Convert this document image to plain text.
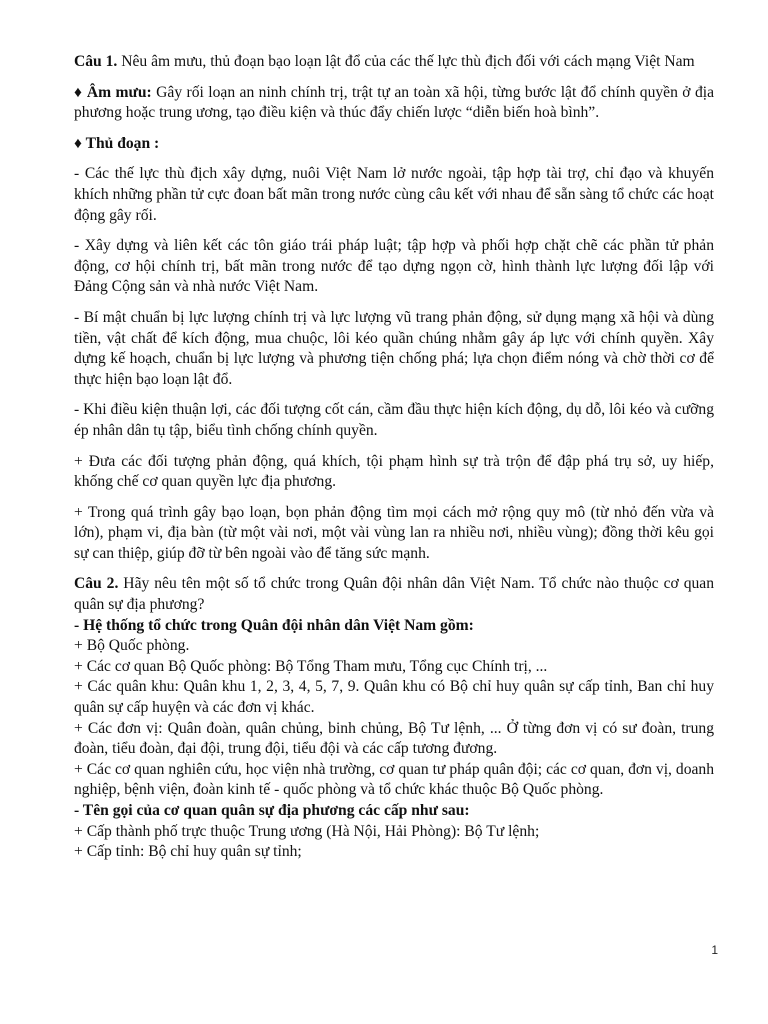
Câu 1. Nêu âm mưu, thủ đoạn bạo loạn lật đổ của các thế lực thù địch đối với cách mạng Việt Nam

♦ Âm mưu: Gây rối loạn an ninh chính trị, trật tự an toàn xã hội, từng bước lật đổ chính quyền ở địa phương hoặc trung ương, tạo điều kiện và thúc đẩy chiến lược “diễn biến hoà bình”.

♦ Thủ đoạn :

- Các thế lực thù địch xây dựng, nuôi Việt Nam lở nước ngoài, tập hợp tài trợ, chỉ đạo và khuyến khích những phần tử cực đoan bất mãn trong nước cùng câu kết với nhau để sẵn sàng tổ chức các hoạt động gây rối.

- Xây dựng và liên kết các tôn giáo trái pháp luật; tập hợp và phối hợp chặt chẽ các phần tử phản động, cơ hội chính trị, bất mãn trong nước để tạo dựng ngọn cờ, hình thành lực lượng đối lập với Đảng Cộng sản và nhà nước Việt Nam.

- Bí mật chuẩn bị lực lượng chính trị và lực lượng vũ trang phản động, sử dụng mạng xã hội và dùng tiền, vật chất để kích động, mua chuộc, lôi kéo quần chúng nhằm gây áp lực với chính quyền. Xây dựng kế hoạch, chuẩn bị lực lượng và phương tiện chống phá; lựa chọn điểm nóng và chờ thời cơ để thực hiện bạo loạn lật đổ.

- Khi điều kiện thuận lợi, các đối tượng cốt cán, cầm đầu thực hiện kích động, dụ dỗ, lôi kéo và cưỡng ép nhân dân tụ tập, biểu tình chống chính quyền.

+ Đưa các đối tượng phản động, quá khích, tội phạm hình sự trà trộn để đập phá trụ sở, uy hiếp, khống chế cơ quan quyền lực địa phương.

+ Trong quá trình gây bạo loạn, bọn phản động tìm mọi cách mở rộng quy mô (từ nhỏ đến vừa và lớn), phạm vi, địa bàn (từ một vài nơi, một vài vùng lan ra nhiều nơi, nhiều vùng); đồng thời kêu gọi sự can thiệp, giúp đỡ từ bên ngoài vào để tăng sức mạnh.

Câu 2. Hãy nêu tên một số tổ chức trong Quân đội nhân dân Việt Nam. Tổ chức nào thuộc cơ quan quân sự địa phương?

- Hệ thống tổ chức trong Quân đội nhân dân Việt Nam gồm:

+ Bộ Quốc phòng.

+ Các cơ quan Bộ Quốc phòng: Bộ Tổng Tham mưu, Tổng cục Chính trị, ...

+ Các quân khu: Quân khu 1, 2, 3, 4, 5, 7, 9. Quân khu có Bộ chỉ huy quân sự cấp tỉnh, Ban chỉ huy quân sự cấp huyện và các đơn vị khác.

+ Các đơn vị: Quân đoàn, quân chủng, binh chủng, Bộ Tư lệnh, ... Ở từng đơn vị có sư đoàn, trung đoàn, tiểu đoàn, đại đội, trung đội, tiểu đội và các cấp tương đương.

+ Các cơ quan nghiên cứu, học viện nhà trường, cơ quan tư pháp quân đội; các cơ quan, đơn vị, doanh nghiệp, bệnh viện, đoàn kinh tế - quốc phòng và tổ chức khác thuộc Bộ Quốc phòng.

- Tên gọi của cơ quan quân sự địa phương các cấp như sau:

+ Cấp thành phố trực thuộc Trung ương (Hà Nội, Hải Phòng): Bộ Tư lệnh;

+ Cấp tỉnh: Bộ chỉ huy quân sự tỉnh;

1
